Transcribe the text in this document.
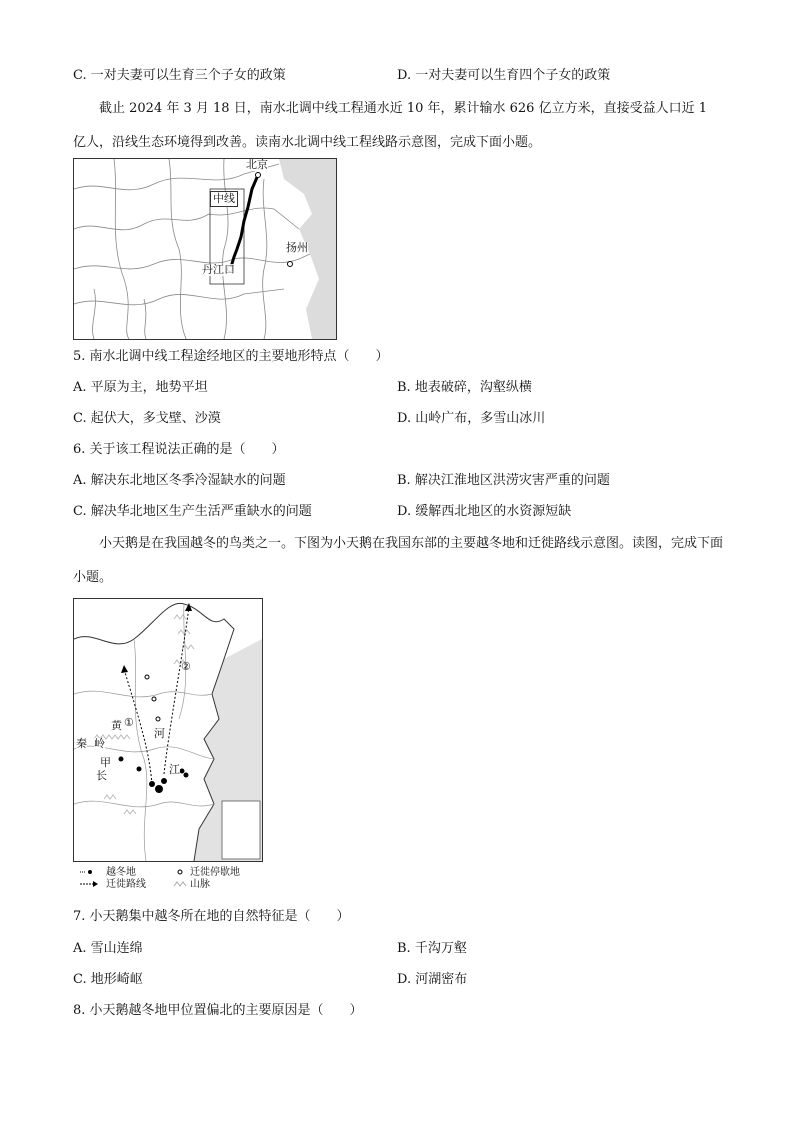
C. 一对夫妻可以生育三个子女的政策	D. 一对夫妻可以生育四个子女的政策
截止 2024 年 3 月 18 日，南水北调中线工程通水近 10 年，累计输水 626 亿立方米，直接受益人口近 1 亿人，沿线生态环境得到改善。读南水北调中线工程线路示意图，完成下面小题。
北京
中线
扬州
丹江口
5. 南水北调中线工程途经地区的主要地形特点（　　）
A. 平原为主，地势平坦	B. 地表破碎，沟壑纵横
C. 起伏大，多戈壁、沙漠	D. 山岭广布，多雪山冰川
6. 关于该工程说法正确的是（　　）
A. 解决东北地区冬季冷湿缺水的问题	B. 解决江淮地区洪涝灾害严重的问题
C. 解决华北地区生产生活严重缺水的问题	D. 缓解西北地区的水资源短缺
小天鹅是在我国越冬的鸟类之一。下图为小天鹅在我国东部的主要越冬地和迁徙路线示意图。读图，完成下面小题。
黄
河
秦 岭
甲
长	江
①
②
越冬地
迁徙路线
迁徙停歇地
山脉
7. 小天鹅集中越冬所在地的自然特征是（　　）
A. 雪山连绵	B. 千沟万壑
C. 地形崎岖	D. 河湖密布
8. 小天鹅越冬地甲位置偏北的主要原因是（　　）
